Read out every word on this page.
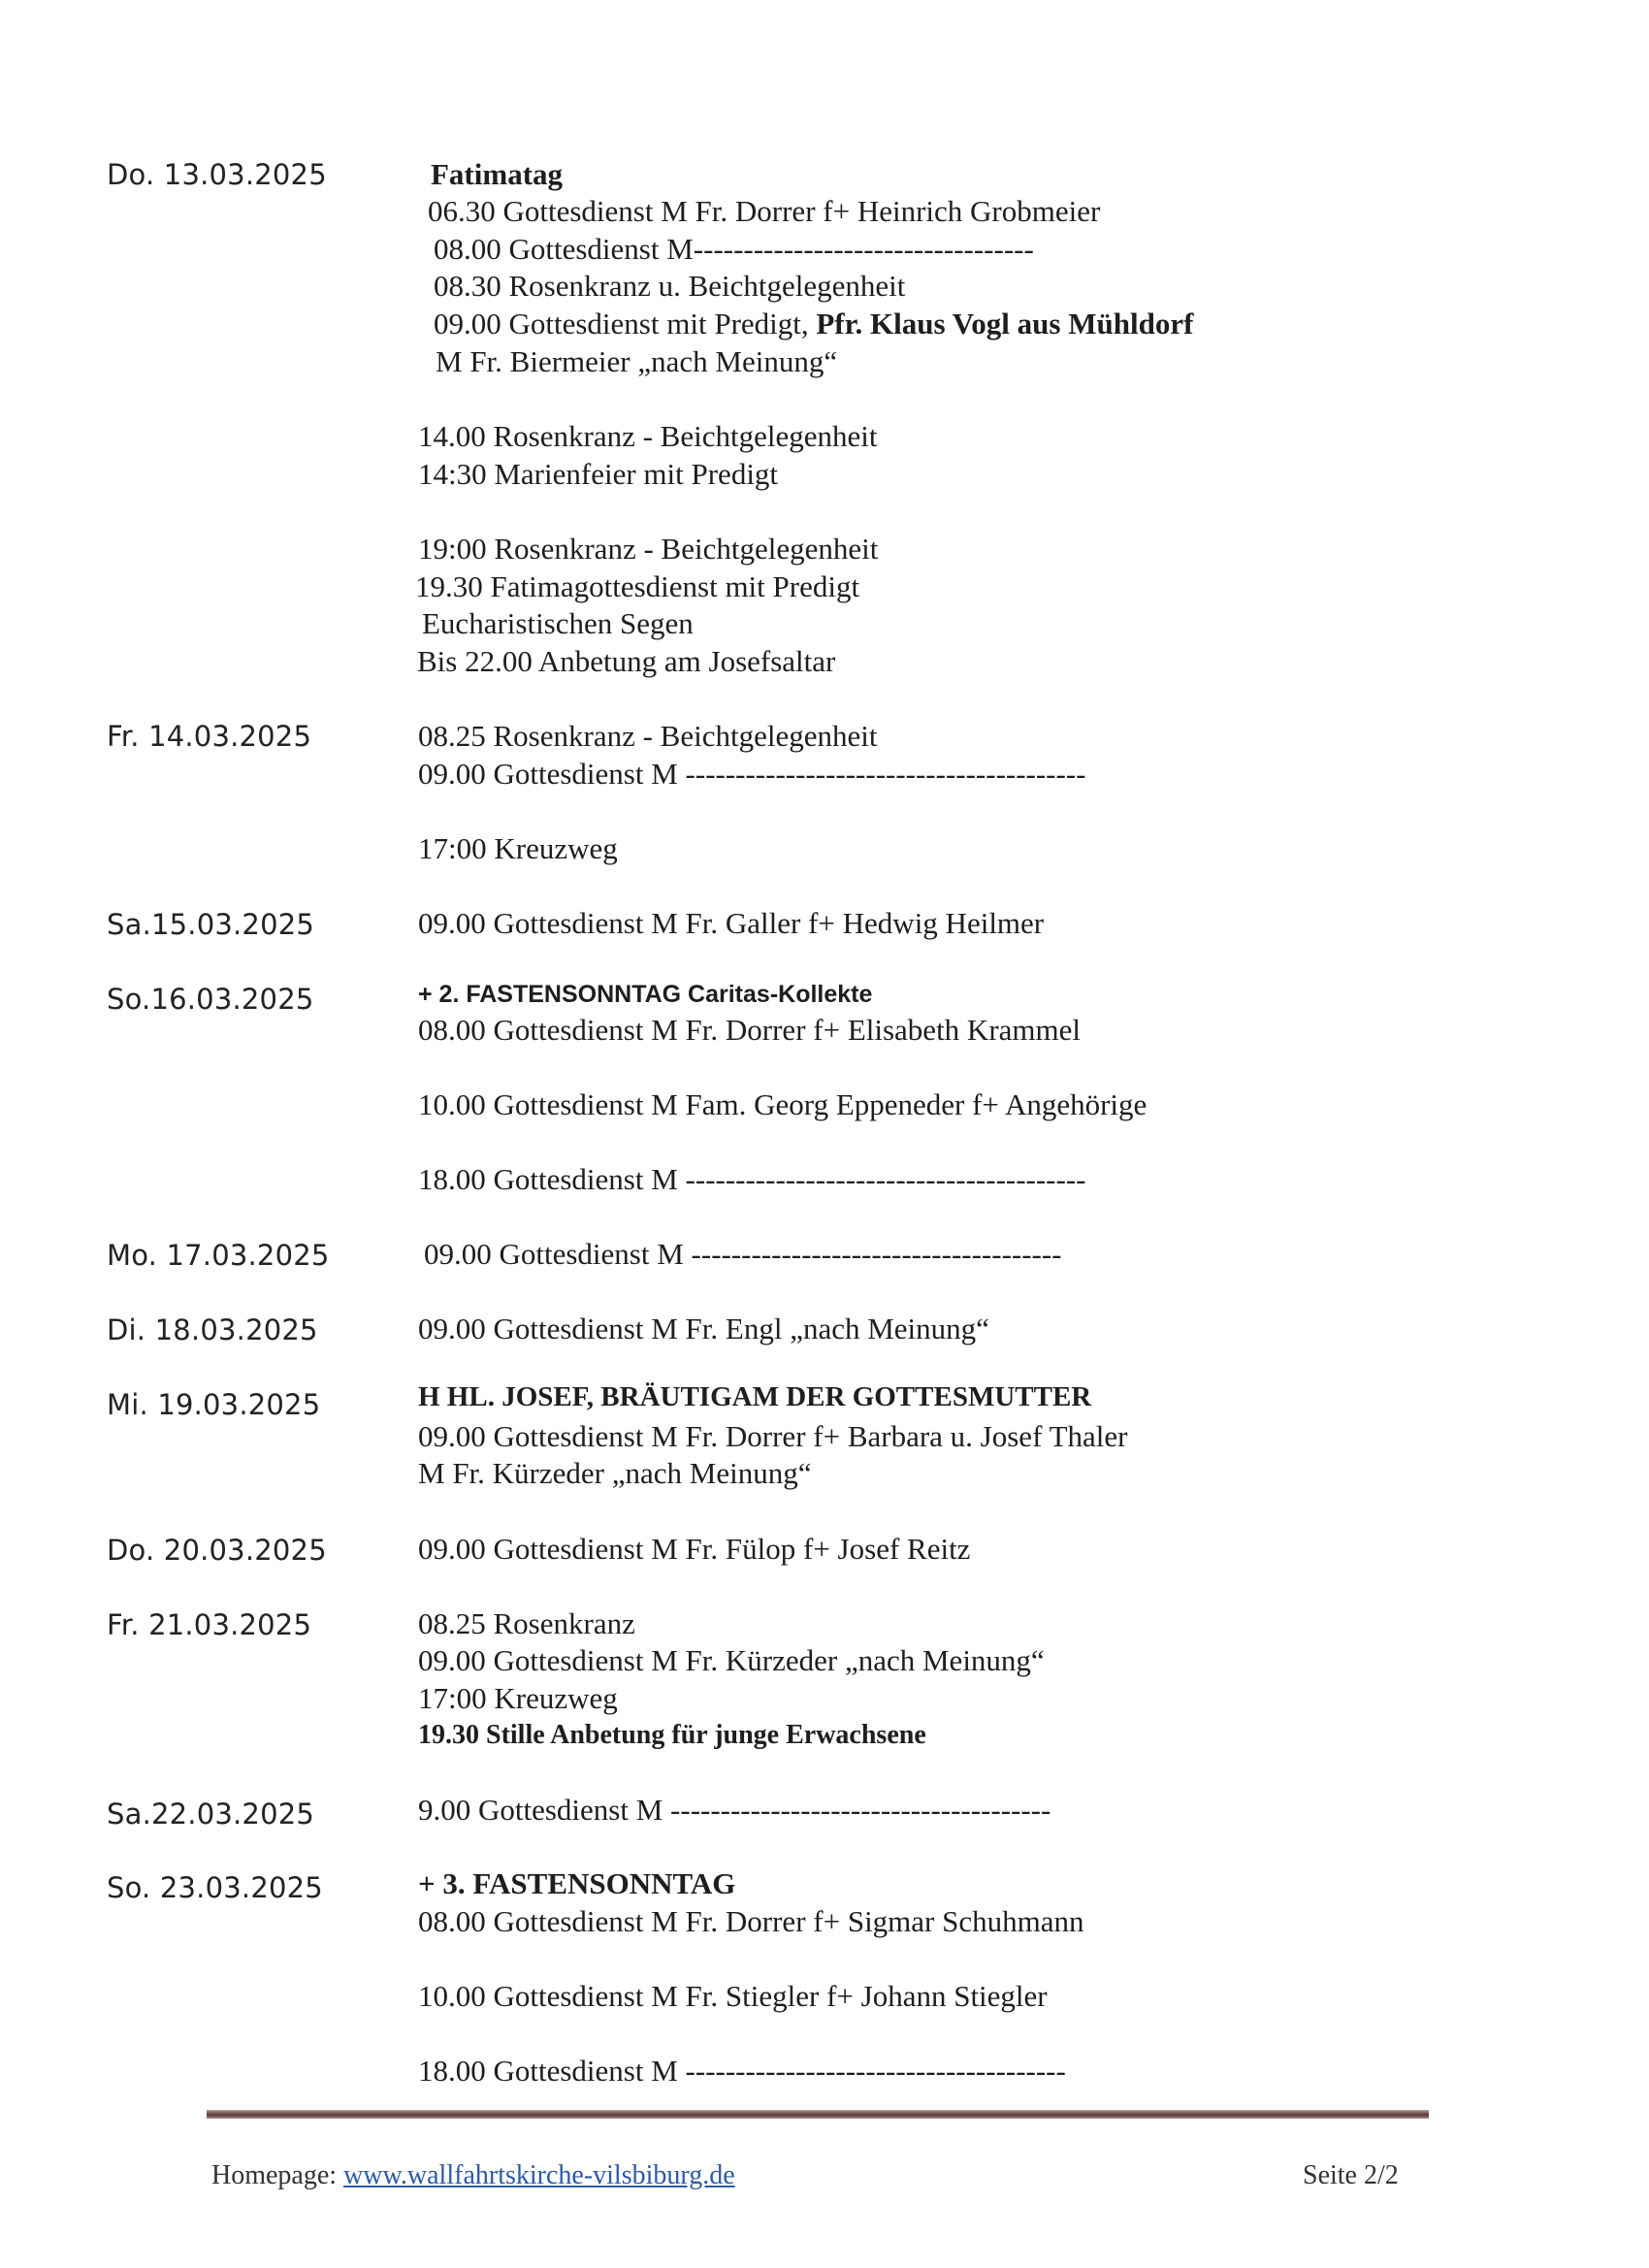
Do. 13.03.2025	Fatimatag
06.30 Gottesdienst M Fr. Dorrer f+ Heinrich Grobmeier
08.00 Gottesdienst M----------------------------------
08.30 Rosenkranz u. Beichtgelegenheit
09.00 Gottesdienst mit Predigt, Pfr. Klaus Vogl aus Mühldorf
M Fr. Biermeier „nach Meinung“
14.00 Rosenkranz - Beichtgelegenheit
14:30 Marienfeier mit Predigt
19:00 Rosenkranz - Beichtgelegenheit
19.30 Fatimagottesdienst mit Predigt
Eucharistischen Segen
Bis 22.00 Anbetung am Josefsaltar
Fr. 14.03.2025	08.25 Rosenkranz - Beichtgelegenheit
09.00 Gottesdienst M ----------------------------------------
17:00 Kreuzweg
Sa.15.03.2025	09.00 Gottesdienst M Fr. Galler f+ Hedwig Heilmer
So.16.03.2025	+ 2. FASTENSONNTAG Caritas-Kollekte
08.00 Gottesdienst M Fr. Dorrer f+ Elisabeth Krammel
10.00 Gottesdienst M Fam. Georg Eppeneder f+ Angehörige
18.00 Gottesdienst M ----------------------------------------
Mo. 17.03.2025	09.00 Gottesdienst M -------------------------------------
Di. 18.03.2025	09.00 Gottesdienst M Fr. Engl „nach Meinung“
Mi. 19.03.2025	H HL. JOSEF, BRÄUTIGAM DER GOTTESMUTTER
09.00 Gottesdienst M Fr. Dorrer f+ Barbara u. Josef Thaler
M Fr. Kürzeder „nach Meinung“
Do. 20.03.2025	09.00 Gottesdienst M Fr. Fülop f+ Josef Reitz
Fr. 21.03.2025	08.25 Rosenkranz
09.00 Gottesdienst M Fr. Kürzeder „nach Meinung“
17:00 Kreuzweg
19.30 Stille Anbetung für junge Erwachsene
Sa.22.03.2025	9.00 Gottesdienst M --------------------------------------
So. 23.03.2025	+ 3. FASTENSONNTAG
08.00 Gottesdienst M Fr. Dorrer f+ Sigmar Schuhmann
10.00 Gottesdienst M Fr. Stiegler f+ Johann Stiegler
18.00 Gottesdienst M --------------------------------------
Homepage: www.wallfahrtskirche-vilsbiburg.de	Seite 2/2
